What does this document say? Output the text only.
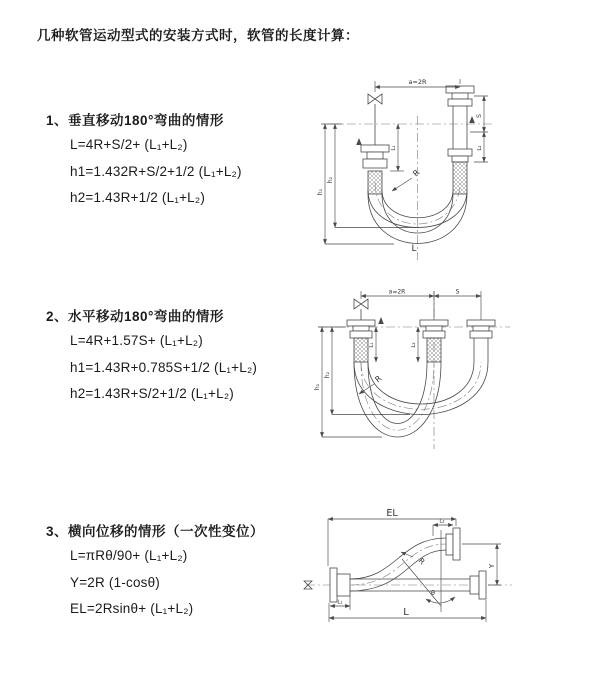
几种软管运动型式的安装方式时，软管的长度计算：
1、垂直移动180°弯曲的情形
L=4R+S/2+ (L₁+L₂)
h1=1.432R+S/2+1/2 (L₁+L₂)
h2=1.43R+1/2 (L₁+L₂)
2、水平移动180°弯曲的情形
L=4R+1.57S+ (L₁+L₂)
h1=1.43R+0.785S+1/2 (L₁+L₂)
h2=1.43R+S/2+1/2 (L₁+L₂)
3、横向位移的情形（一次性变位）
L=πRθ/90+ (L₁+L₂)
Y=2R (1-cosθ)
EL=2Rsinθ+ (L₁+L₂)
a=2R
S
L₂
h₁
h₂
L₁
R
L
a=2R	S
h₁
h₂
L₁	L₂
R
θ
R
EL
L₂
Y
L
L₁
